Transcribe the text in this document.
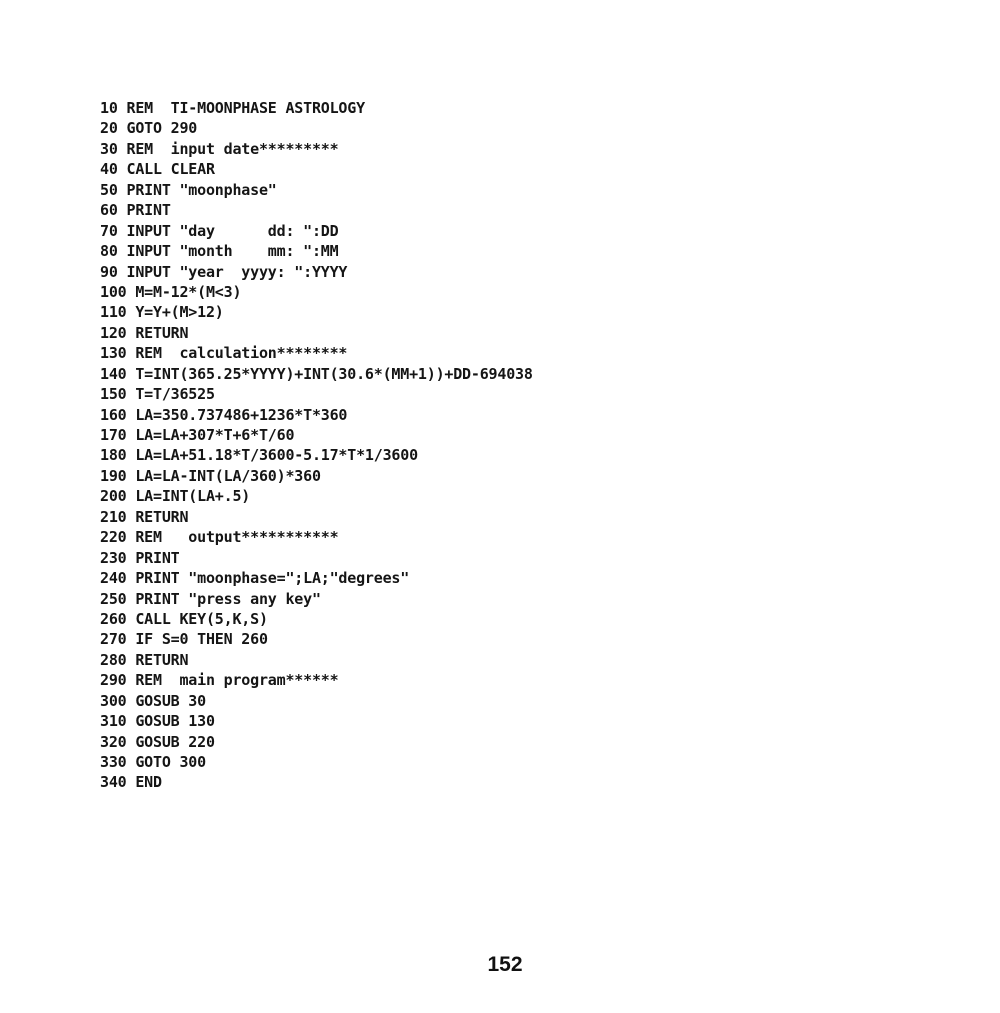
10 REM  TI-MOONPHASE ASTROLOGY
20 GOTO 290
30 REM  input date*********
40 CALL CLEAR
50 PRINT "moonphase"
60 PRINT
70 INPUT "day      dd: ":DD
80 INPUT "month    mm: ":MM
90 INPUT "year  yyyy: ":YYYY
100 M=M-12*(M<3)
110 Y=Y+(M>12)
120 RETURN
130 REM  calculation********
140 T=INT(365.25*YYYY)+INT(30.6*(MM+1))+DD-694038
150 T=T/36525
160 LA=350.737486+1236*T*360
170 LA=LA+307*T+6*T/60
180 LA=LA+51.18*T/3600-5.17*T*1/3600
190 LA=LA-INT(LA/360)*360
200 LA=INT(LA+.5)
210 RETURN
220 REM   output***********
230 PRINT
240 PRINT "moonphase=";LA;"degrees"
250 PRINT "press any key"
260 CALL KEY(5,K,S)
270 IF S=0 THEN 260
280 RETURN
290 REM  main program******
300 GOSUB 30
310 GOSUB 130
320 GOSUB 220
330 GOTO 300
340 END
152
